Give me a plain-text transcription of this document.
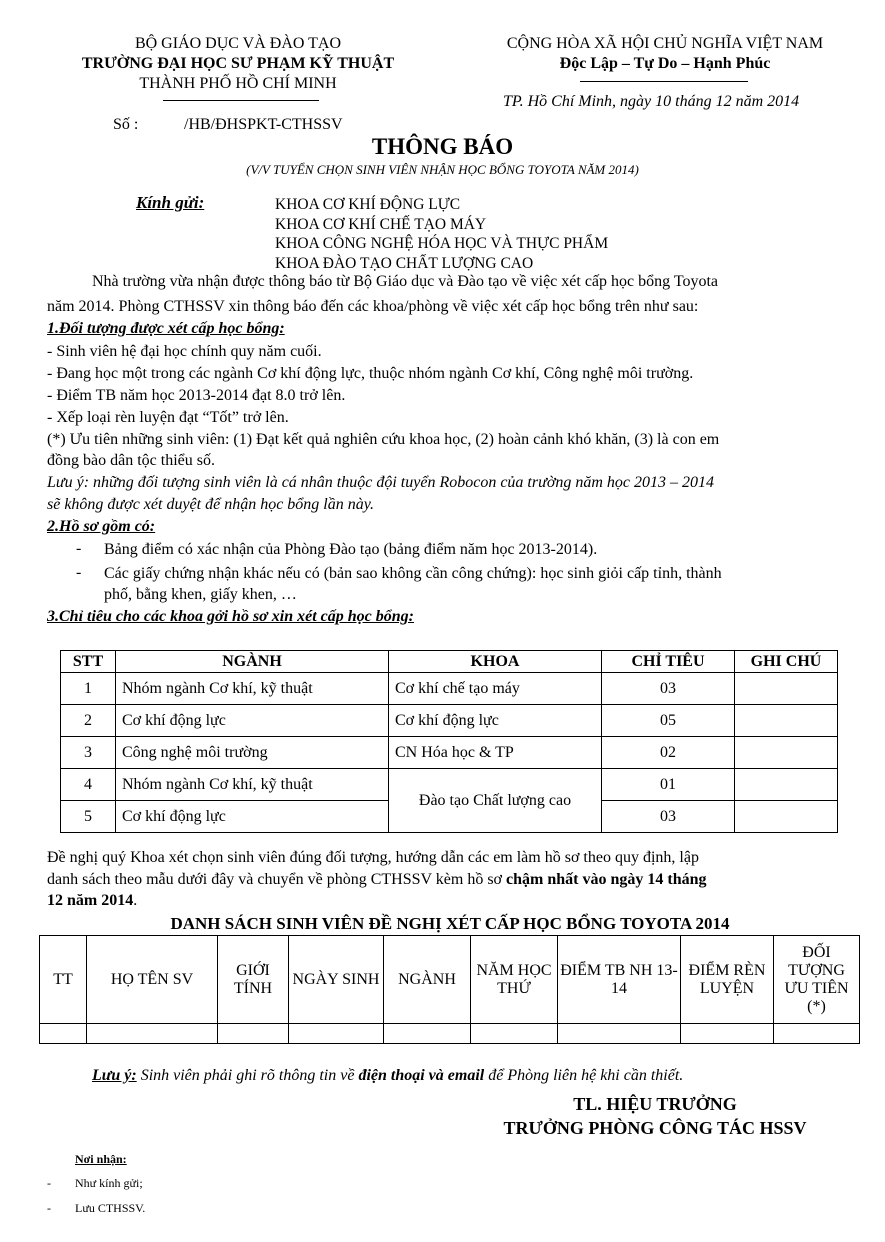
BỘ GIÁO DỤC VÀ ĐÀO TẠO
TRƯỜNG ĐẠI HỌC SƯ PHẠM KỸ THUẬT
THÀNH PHỐ HỒ CHÍ MINH
Số :	/HB/ĐHSPKT-CTHSSV
CỘNG HÒA XÃ HỘI CHỦ NGHĨA VIỆT NAM
Độc Lập – Tự Do – Hạnh Phúc
TP. Hồ Chí Minh, ngày 10 tháng 12 năm 2014
THÔNG BÁO
(V/V TUYỂN CHỌN SINH VIÊN NHẬN HỌC BỔNG TOYOTA NĂM 2014)
Kính gửi:	KHOA CƠ KHÍ ĐỘNG LỰC
KHOA CƠ KHÍ CHẾ TẠO MÁY
KHOA CÔNG NGHỆ HÓA HỌC VÀ THỰC PHẨM
KHOA ĐÀO TẠO CHẤT LƯỢNG CAO
Nhà trường vừa nhận được thông báo từ Bộ Giáo dục và Đào tạo về việc xét cấp học bổng Toyota
năm 2014. Phòng CTHSSV xin thông báo đến các khoa/phòng về việc xét cấp học bổng trên như sau:
1.Đối tượng được xét cấp học bổng:
- Sinh viên hệ đại học chính quy năm cuối.
- Đang học một trong các ngành Cơ khí động lực, thuộc nhóm ngành Cơ khí, Công nghệ môi trường.
- Điểm TB năm học 2013-2014 đạt 8.0 trở lên.
- Xếp loại rèn luyện đạt “Tốt” trở lên.
(*) Ưu tiên những sinh viên: (1) Đạt kết quả nghiên cứu khoa học, (2) hoàn cảnh khó khăn, (3) là con em
đồng bào dân tộc thiểu số.
Lưu ý: những đối tượng sinh viên là cá nhân thuộc đội tuyển Robocon của trường năm học 2013 – 2014
sẽ không được xét duyệt để nhận học bổng lần này.
2.Hồ sơ gồm có:
- Bảng điểm có xác nhận của Phòng Đào tạo (bảng điểm năm học 2013-2014).
- Các giấy chứng nhận khác nếu có (bản sao không cần công chứng): học sinh giỏi cấp tỉnh, thành
phố, bằng khen, giấy khen, …
3.Chỉ tiêu cho các khoa gởi hồ sơ xin xét cấp học bổng:
STT	NGÀNH	KHOA	CHỈ TIÊU	GHI CHÚ
1	Nhóm ngành Cơ khí, kỹ thuật	Cơ khí chế tạo máy	03	
2	Cơ khí động lực	Cơ khí động lực	05	
3	Công nghệ môi trường	CN Hóa học & TP	02	
4	Nhóm ngành Cơ khí, kỹ thuật	Đào tạo Chất lượng cao	01	
5	Cơ khí động lực		03	
Đề nghị quý Khoa xét chọn sinh viên đúng đối tượng, hướng dẫn các em làm hồ sơ theo quy định, lập
danh sách theo mẫu dưới đây và chuyển về phòng CTHSSV kèm hồ sơ chậm nhất vào ngày 14 tháng
12 năm 2014.
DANH SÁCH SINH VIÊN ĐỀ NGHỊ XÉT CẤP HỌC BỔNG TOYOTA 2014
TT	HỌ TÊN SV	GIỚI TÍNH	NGÀY SINH	NGÀNH	NĂM HỌC THỨ	ĐIỂM TB NH 13-14	ĐIỂM RÈN LUYỆN	ĐỐI TƯỢNG ƯU TIÊN (*)

Lưu ý: Sinh viên phải ghi rõ thông tin về điện thoại và email để Phòng liên hệ khi cần thiết.
TL. HIỆU TRƯỞNG
TRƯỞNG PHÒNG CÔNG TÁC HSSV
Nơi nhận:
- Như kính gửi;
- Lưu CTHSSV.
